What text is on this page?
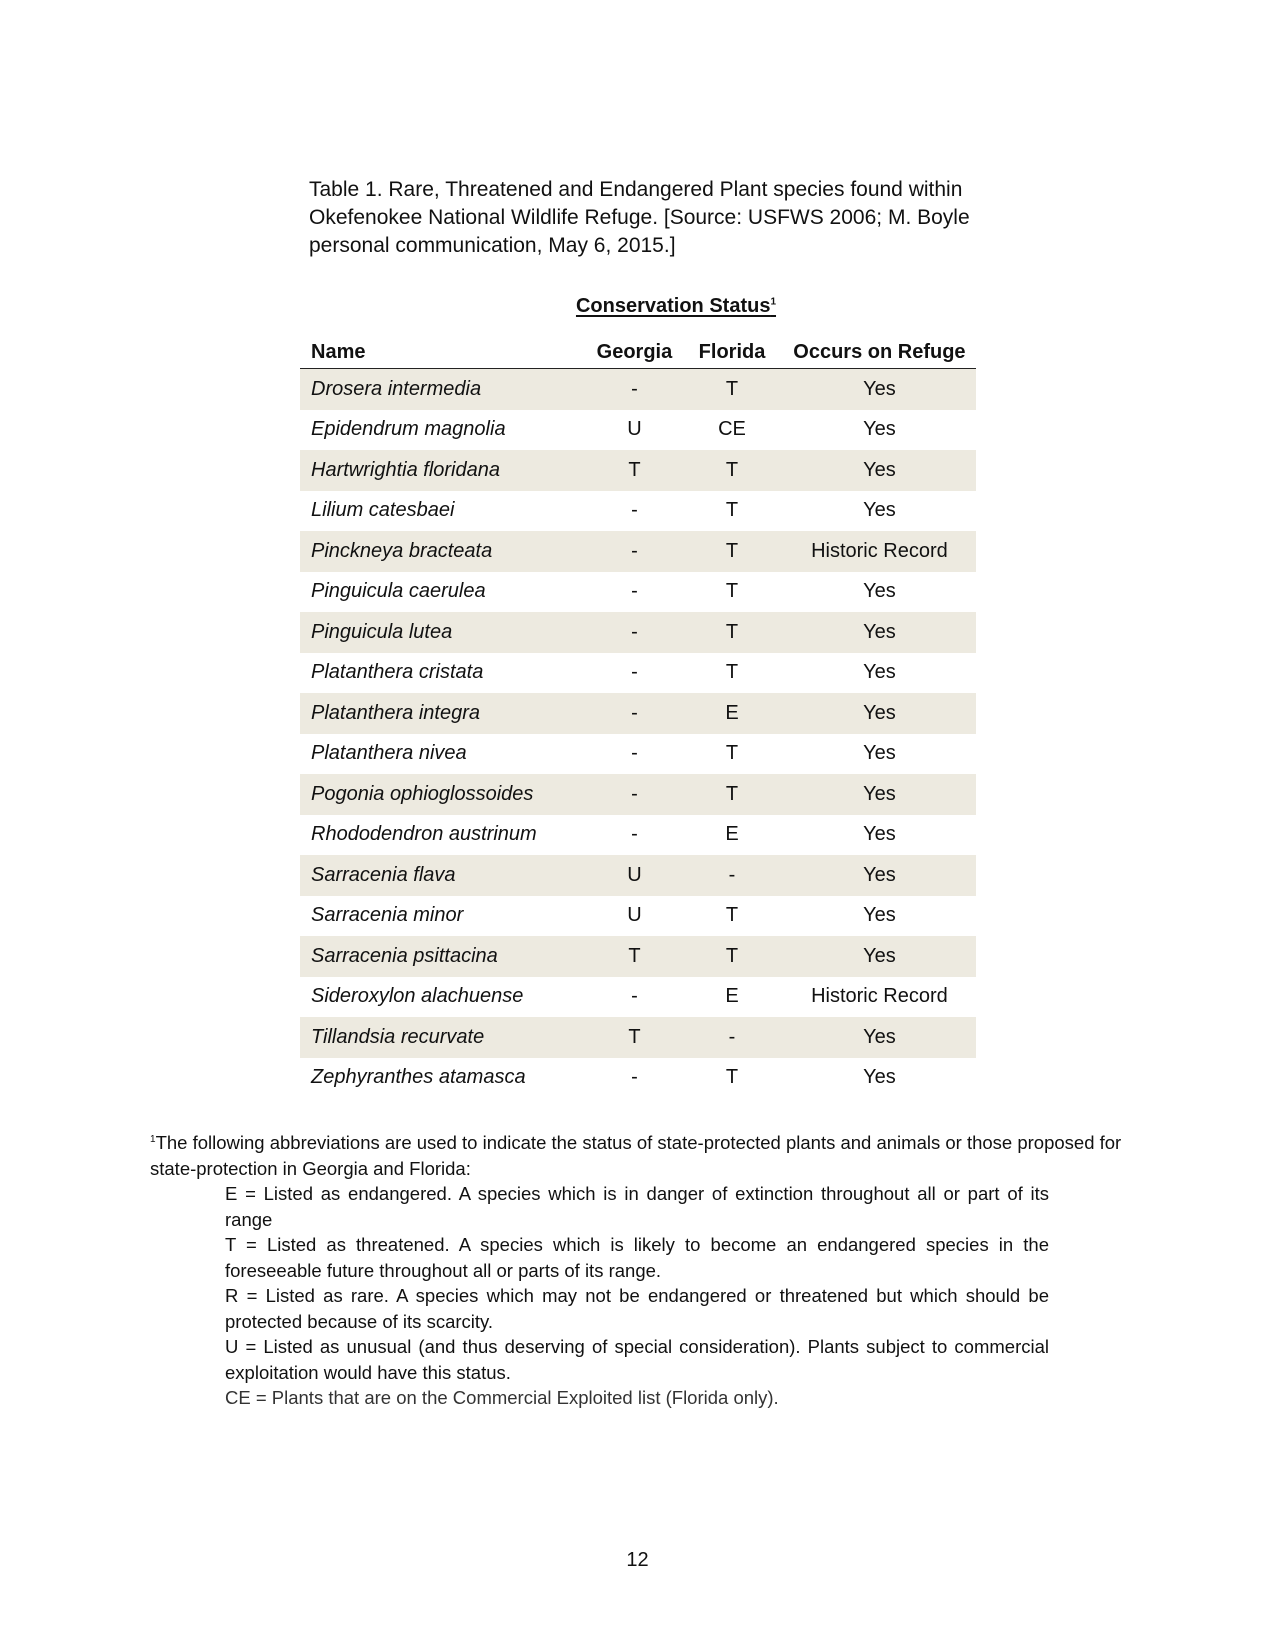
Table 1. Rare, Threatened and Endangered Plant species found within
Okefenokee National Wildlife Refuge. [Source: USFWS 2006; M. Boyle
personal communication, May 6, 2015.]
Conservation Status$^1$
Name	Georgia	Florida	Occurs on Refuge
Drosera intermedia	-	T	Yes
Epidendrum magnolia	U	CE	Yes
Hartwrightia floridana	T	T	Yes
Lilium catesbaei	-	T	Yes
Pinckneya bracteata	-	T	Historic Record
Pinguicula caerulea	-	T	Yes
Pinguicula lutea	-	T	Yes
Platanthera cristata	-	T	Yes
Platanthera integra	-	E	Yes
Platanthera nivea	-	T	Yes
Pogonia ophioglossoides	-	T	Yes
Rhododendron austrinum	-	E	Yes
Sarracenia flava	U	-	Yes
Sarracenia minor	U	T	Yes
Sarracenia psittacina	T	T	Yes
Sideroxylon alachuense	-	E	Historic Record
Tillandsia recurvate	T	-	Yes
Zephyranthes atamasca	-	T	Yes
$^1$The following abbreviations are used to indicate the status of state-protected plants and animals or those proposed for state-protection in Georgia and Florida:
E = Listed as endangered. A species which is in danger of extinction throughout all or part of its range
T = Listed as threatened. A species which is likely to become an endangered species in the foreseeable future throughout all or parts of its range.
R = Listed as rare. A species which may not be endangered or threatened but which should be protected because of its scarcity.
U = Listed as unusual (and thus deserving of special consideration). Plants subject to commercial exploitation would have this status.
CE = Plants that are on the Commercial Exploited list (Florida only).
12
